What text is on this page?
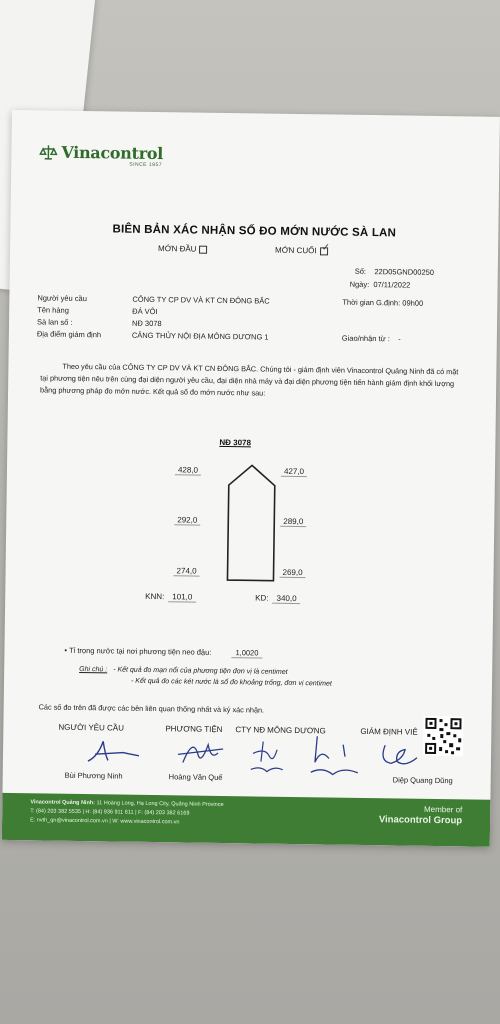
Vinacontrol
SINCE 1957
BIÊN BẢN XÁC NHẬN SỐ ĐO MỚN NƯỚC SÀ LAN
MỚN ĐẦU	MỚN CUỐI ✓
Số: 22D05GND00250
Ngày: 07/11/2022
Người yêu cầu	CÔNG TY CP DV VÀ KT CN ĐÔNG BẮC	Thời gian G.định: 09h00
Tên hàng	ĐÁ VÔI
Sà lan số :	NĐ 3078
Địa điểm giám định	CẢNG THỦY NỘI ĐỊA MÔNG DƯƠNG 1	Giao/nhận từ : -
Theo yêu cầu của CÔNG TY CP DV VÀ KT CN ĐÔNG BẮC. Chúng tôi - giám định viên Vinacontrol Quảng Ninh đã có mặt tại phương tiện nêu trên cùng đại diện người yêu cầu, đại diện nhà máy và đại diện phương tiện tiến hành giám định khối lượng bằng phương pháp đo mớn nước. Kết quả số đo mớn nước như sau:
NĐ 3078
428,0
292,0
274,0
427,0
289,0
269,0
KNN: 101,0	KD: 340,0
• Tỉ trọng nước tại nơi phương tiện neo đậu:	1,0020
Ghi chú : - Kết quả đo mạn nổi của phương tiện đơn vị là centimet
- Kết quả đo các két nước là số đo khoảng trống, đơn vị centimet
Các số đo trên đã được các bên liên quan thống nhất và ký xác nhận.
NGƯỜI YÊU CẦU	PHƯƠNG TIỆN CTY NĐ MÔNG DƯƠNG	GIÁM ĐỊNH VIÊ
Bùi Phương Ninh	Hoàng Văn Quế	Diệp Quang Dũng
Vinacontrol Quảng Ninh: 11 Hoàng Long, Hạ Long City, Quảng Ninh Province
T: (84) 203 382 5535 | H: (84) 936 911 611 | F: (84) 203 382 6169
E: nvth_qn@vinacontrol.com.vn | W: www.vinacontrol.com.vn
Member of
Vinacontrol Group
